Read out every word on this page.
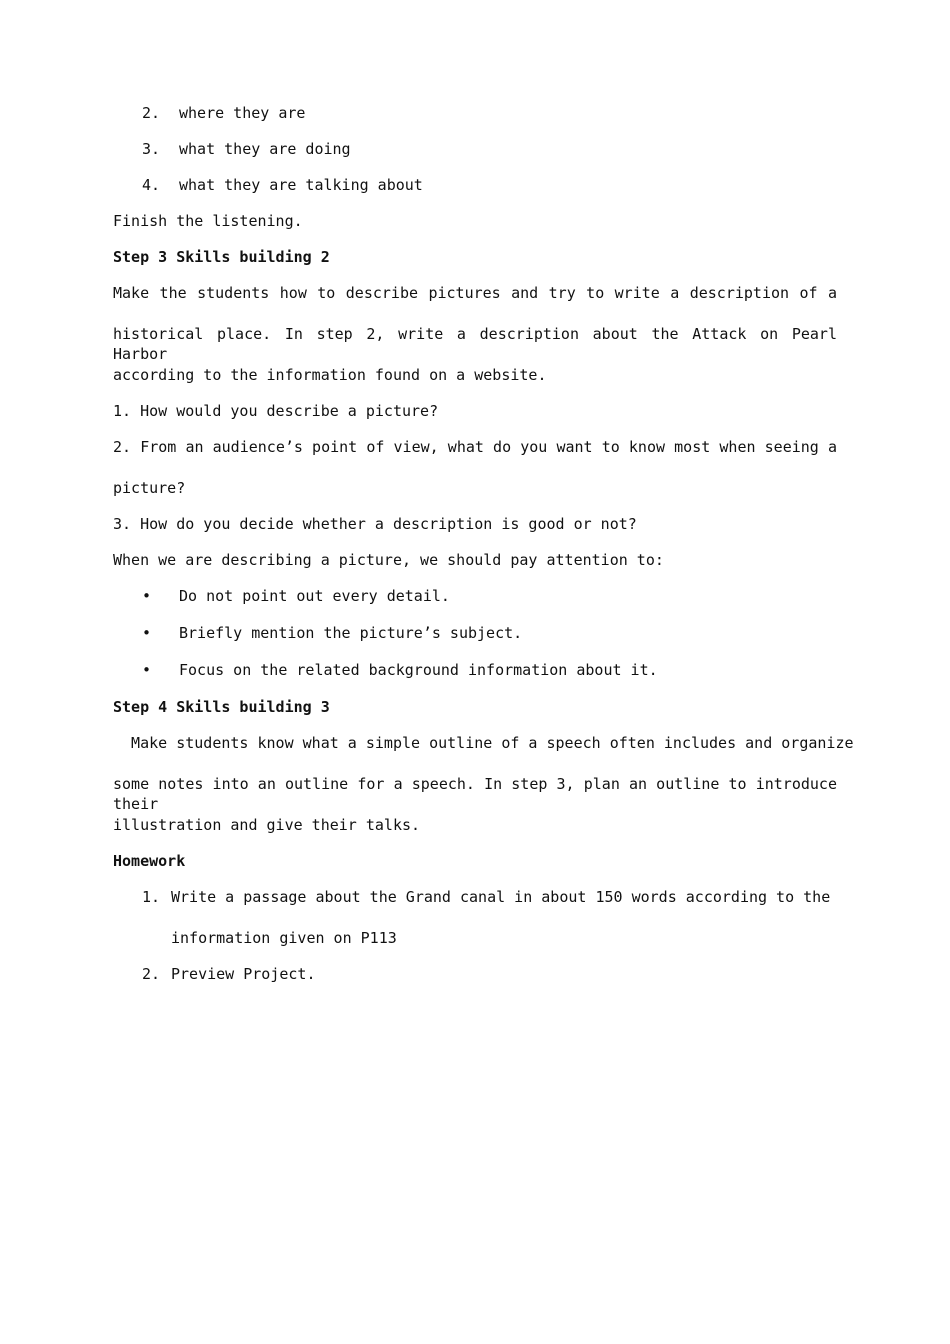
2. where they are
3. what they are doing
4. what they are talking about
Finish the listening.
Step 3 Skills building 2
Make the students how to describe pictures and try to write a description of a
historical place. In step 2, write a description about the Attack on Pearl Harbor
according to the information found on a website.
1. How would you describe a picture?
2. From an audience’s point of view, what do you want to know most when seeing a
picture?
3. How do you decide whether a description is good or not?
When we are describing a picture, we should pay attention to:
• Do not point out every detail.
• Briefly mention the picture’s subject.
• Focus on the related background information about it.
Step 4 Skills building 3
Make students know what a simple outline of a speech often includes and organize
some notes into an outline for a speech. In step 3, plan an outline to introduce their
illustration and give their talks.
Homework
1. Write a passage about the Grand canal in about 150 words according to the
information given on P113
2. Preview Project.
